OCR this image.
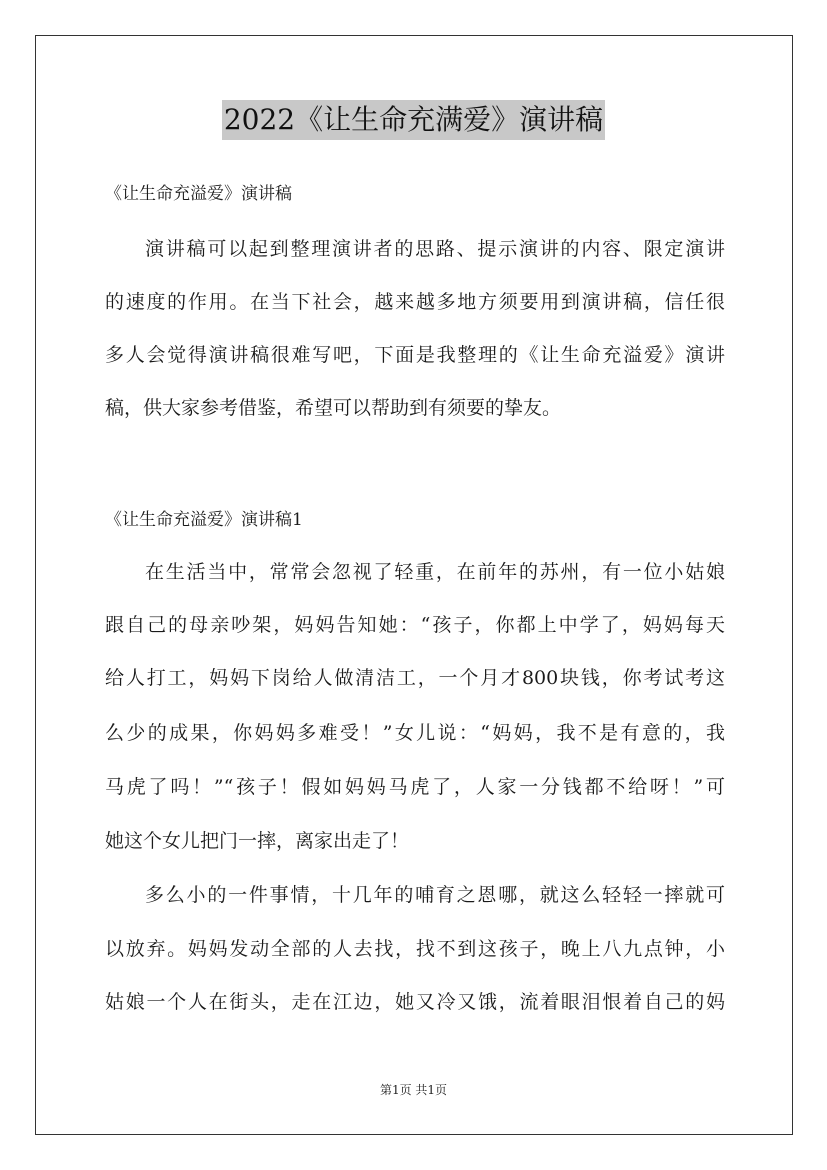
2022《让生命充满爱》演讲稿
《让生命充溢爱》演讲稿
演讲稿可以起到整理演讲者的思路、提示演讲的内容、限定演讲
的速度的作用。在当下社会，越来越多地方须要用到演讲稿，信任很
多人会觉得演讲稿很难写吧，下面是我整理的《让生命充溢爱》演讲
稿，供大家参考借鉴，希望可以帮助到有须要的挚友。
《让生命充溢爱》演讲稿1
在生活当中，常常会忽视了轻重，在前年的苏州，有一位小姑娘
跟自己的母亲吵架，妈妈告知她：“孩子，你都上中学了，妈妈每天
给人打工，妈妈下岗给人做清洁工，一个月才800块钱，你考试考这
么少的成果，你妈妈多难受！”女儿说：“妈妈，我不是有意的，我
马虎了吗！”“孩子！假如妈妈马虎了，人家一分钱都不给呀！”可
她这个女儿把门一摔，离家出走了！
多么小的一件事情，十几年的哺育之恩哪，就这么轻轻一摔就可
以放弃。妈妈发动全部的人去找，找不到这孩子，晚上八九点钟，小
姑娘一个人在街头，走在江边，她又冷又饿，流着眼泪恨着自己的妈
第1页 共1页
